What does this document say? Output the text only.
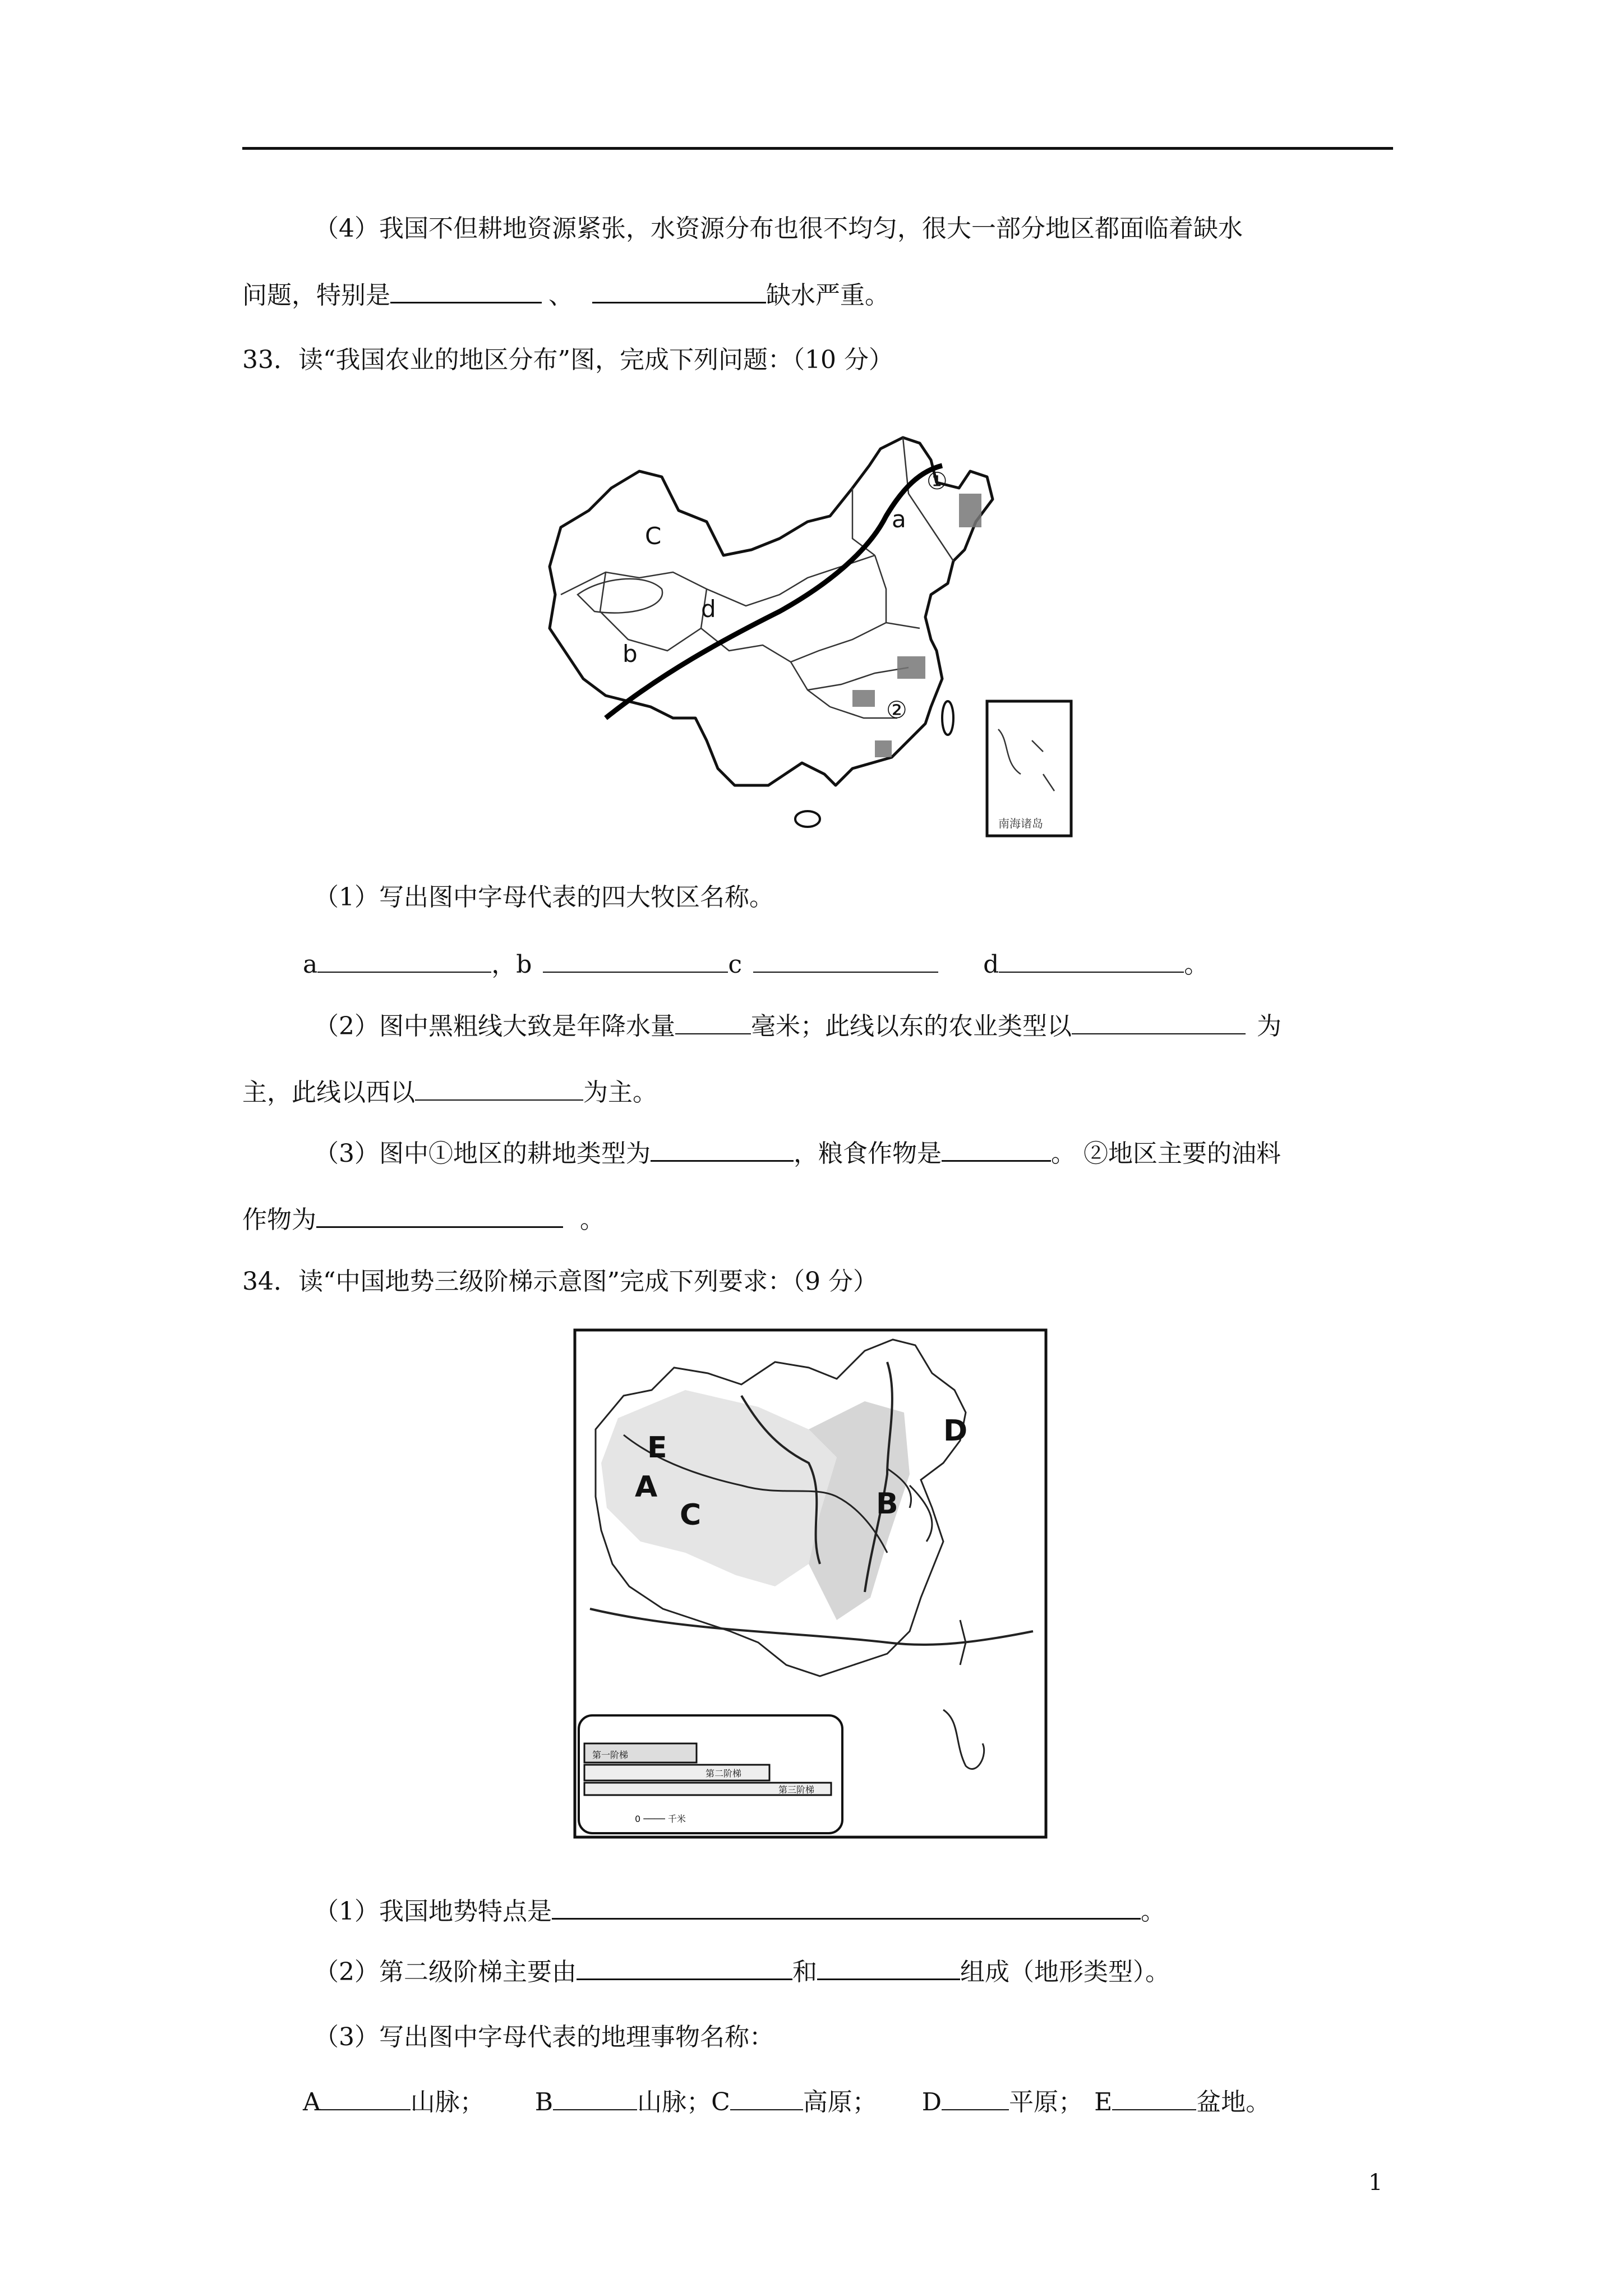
（4）我国不但耕地资源紧张，水资源分布也很不均匀，很大一部分地区都面临着缺水
问题，特别是	、	缺水严重。
33．读“我国农业的地区分布”图，完成下列问题：（10 分）
C
a
d
b
①
②
南海诸岛
（1）写出图中字母代表的四大牧区名称。
a	，b	c	d	。
（2）图中黑粗线大致是年降水量	毫米；此线以东的农业类型以	为
主，此线以西以	为主。
（3）图中①地区的耕地类型为	，粮食作物是	。 ②地区主要的油料
作物为	。
34．读“中国地势三级阶梯示意图”完成下列要求：（9 分）
D
E
A
C	B
第一阶梯
第二阶梯
第三阶梯
0 ──── 千米
（1）我国地势特点是	。
（2）第二级阶梯主要由	和	组成（地形类型）。
（3）写出图中字母代表的地理事物名称：
A	山脉； B	山脉；C	高原； D	平原； E	盆地。
1
